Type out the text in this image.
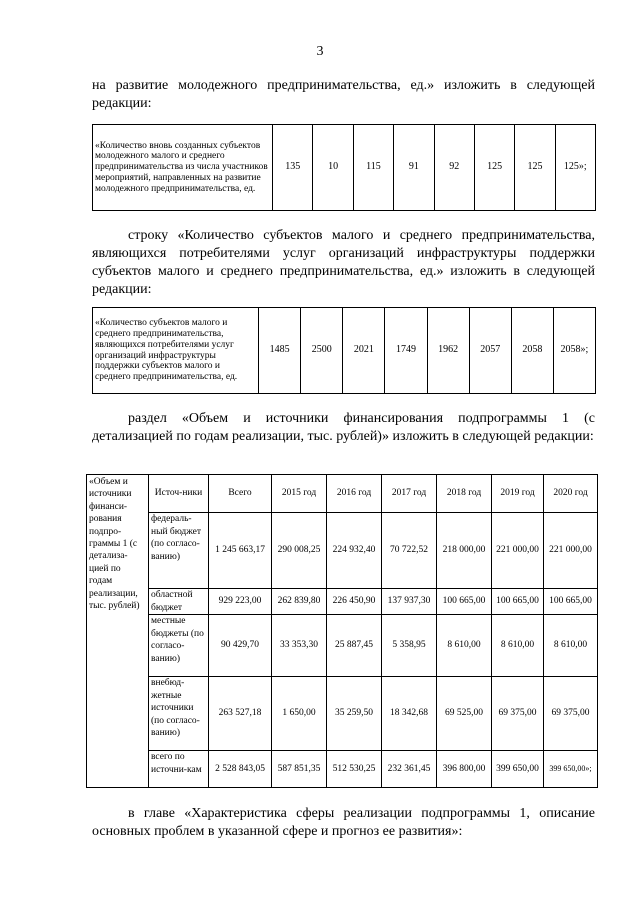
3

на развитие молодежного предпринимательства, ед.» изложить в следующей редакции:

«Количество вновь созданных субъектов молодежного малого и среднего предпринимательства из числа участников мероприятий, направленных на развитие молодежного предпринимательства, ед.	135	10	115	91	92	125	125	125»;

строку «Количество субъектов малого и среднего предпринимательства, являющихся потребителями услуг организаций инфраструктуры поддержки субъектов малого и среднего предпринимательства, ед.» изложить в следующей редакции:

«Количество субъектов малого и среднего предпринимательства, являющихся потребителями услуг организаций инфраструктуры поддержки субъектов малого и среднего предпринимательства, ед.	1485	2500	2021	1749	1962	2057	2058	2058»;

раздел «Объем и источники финансирования подпрограммы 1 (с детализацией по годам реализации, тыс. рублей)» изложить в следующей редакции:

«Объем и источники финанси-рования подпро-граммы 1 (с детализа-цией по годам реализации, тыс. рублей)	Источ-ники	Всего	2015 год	2016 год	2017 год	2018 год	2019 год	2020 год
	федераль-ный бюджет (по согласо-ванию)	1 245 663,17	290 008,25	224 932,40	70 722,52	218 000,00	221 000,00	221 000,00
	областной бюджет	929 223,00	262 839,80	226 450,90	137 937,30	100 665,00	100 665,00	100 665,00
	местные бюджеты (по согласо-ванию)	90 429,70	33 353,30	25 887,45	5 358,95	8 610,00	8 610,00	8 610,00
	внебюд-жетные источники (по согласо-ванию)	263 527,18	1 650,00	35 259,50	18 342,68	69 525,00	69 375,00	69 375,00
	всего по источни-кам	2 528 843,05	587 851,35	512 530,25	232 361,45	396 800,00	399 650,00	399 650,00»;

в главе «Характеристика сферы реализации подпрограммы 1, описание основных проблем в указанной сфере и прогноз ее развития»:
